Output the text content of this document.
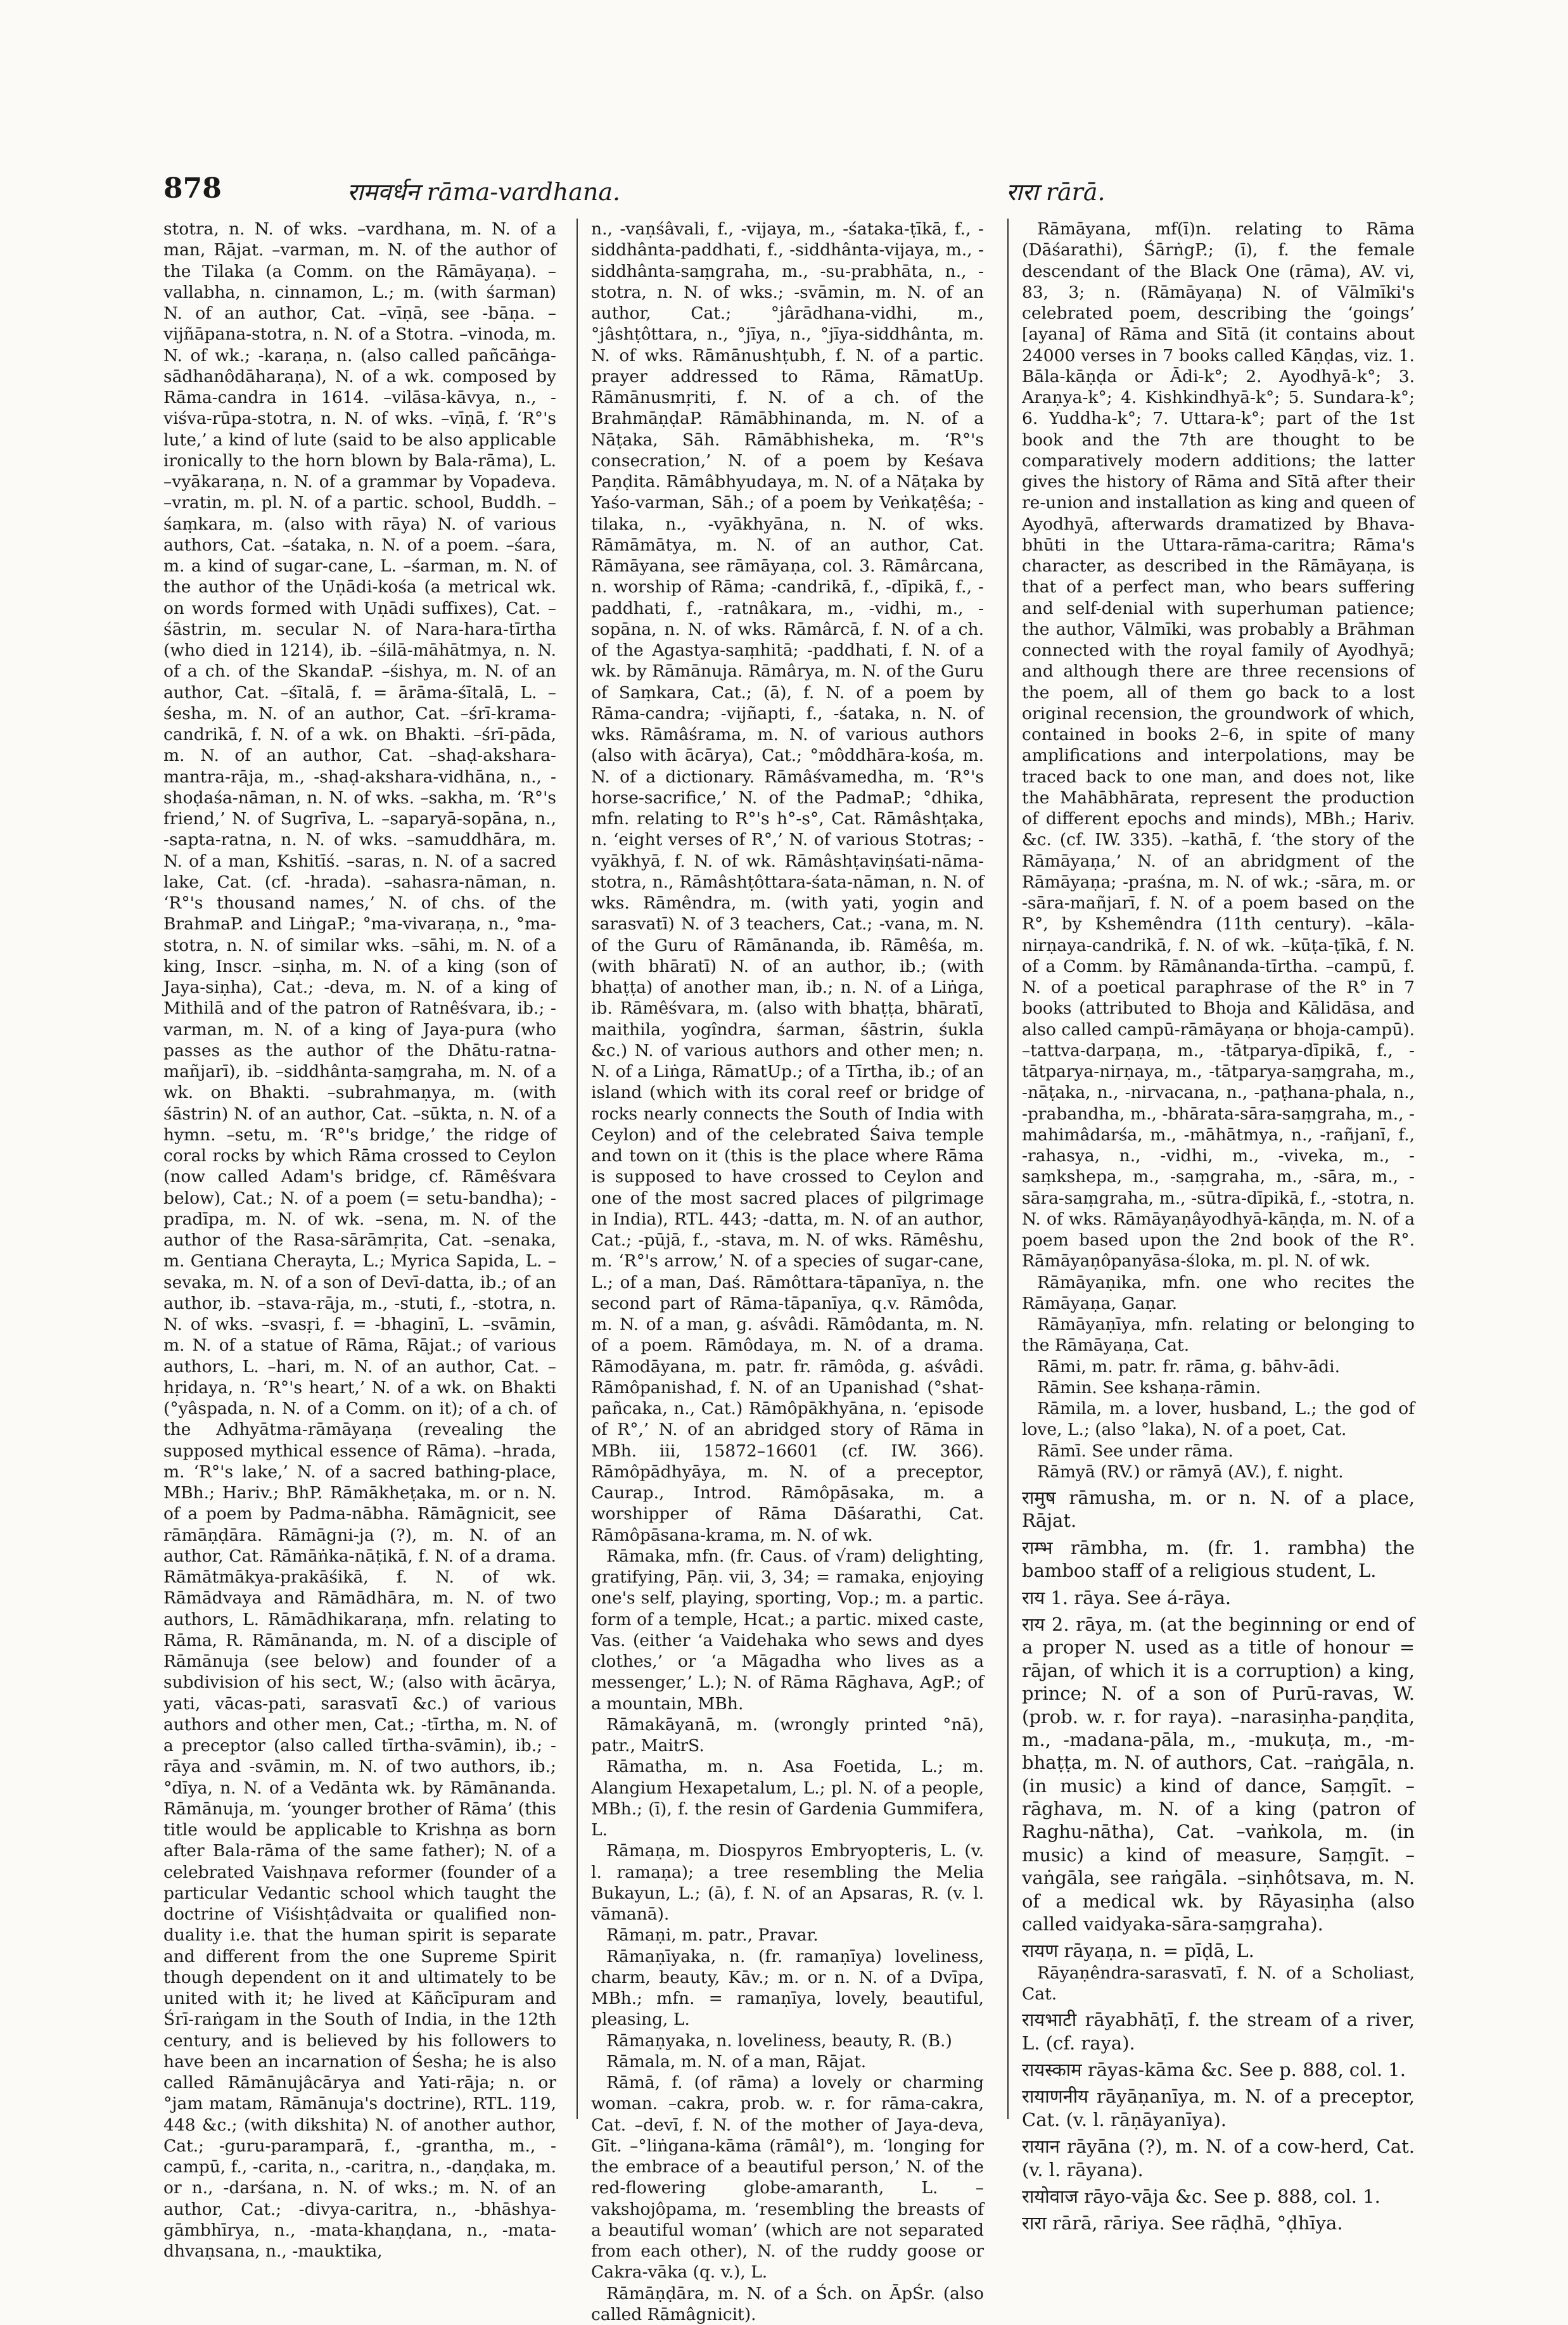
878	रामवर्धन rāma-vardhana.	रारा rārā.

stotra, n. N. of wks. –vardhana, m. N. of a man, Rājat. –varman, m. N. of the author of the Tilaka (a Comm. on the Rāmāyaṇa). –vallabha, n. cinnamon, L.; m. (with śarman) N. of an author, Cat. –vīṇā, see -bāṇa. –vijñāpana-stotra, n. N. of a Stotra. –vinoda, m. N. of wk.; -karaṇa, n. (also called pañcāṅga-sādhanôdāharaṇa), N. of a wk. composed by Rāma-candra in 1614. –vilāsa-kāvya, n., -viśva-rūpa-stotra, n. N. of wks. –vīṇā, f. ‘R°'s lute,’ a kind of lute (said to be also applicable ironically to the horn blown by Bala-rāma), L. –vyākaraṇa, n. N. of a grammar by Vopadeva. –vratin, m. pl. N. of a partic. school, Buddh. –śaṃkara, m. (also with rāya) N. of various authors, Cat. –śataka, n. N. of a poem. –śara, m. a kind of sugar-cane, L. –śarman, m. N. of the author of the Uṇādi-kośa (a metrical wk. on words formed with Uṇādi suffixes), Cat. –śāstrin, m. secular N. of Nara-hara-tīrtha (who died in 1214), ib. –śilā-māhātmya, n. N. of a ch. of the SkandaP. –śishya, m. N. of an author, Cat. –śītalā, f. = ārāma-śītalā, L. –śesha, m. N. of an author, Cat. –śrī-krama-candrikā, f. N. of a wk. on Bhakti. –śrī-pāda, m. N. of an author, Cat. –shaḍ-akshara-mantra-rāja, m., -shaḍ-akshara-vidhāna, n., -shoḍaśa-nāman, n. N. of wks. –sakha, m. ‘R°'s friend,’ N. of Sugrīva, L. –saparyā-sopāna, n., -sapta-ratna, n. N. of wks. –samuddhāra, m. N. of a man, Kshitīś. –saras, n. N. of a sacred lake, Cat. (cf. -hrada). –sahasra-nāman, n. ‘R°'s thousand names,’ N. of chs. of the BrahmaP. and LiṅgaP.; °ma-vivaraṇa, n., °ma-stotra, n. N. of similar wks. –sāhi, m. N. of a king, Inscr. –siṇha, m. N. of a king (son of Jaya-siṇha), Cat.; -deva, m. N. of a king of Mithilā and of the patron of Ratnêśvara, ib.; -varman, m. N. of a king of Jaya-pura (who passes as the author of the Dhātu-ratna-mañjarī), ib. –siddhânta-saṃgraha, m. N. of a wk. on Bhakti. –subrahmaṇya, m. (with śāstrin) N. of an author, Cat. –sūkta, n. N. of a hymn. –setu, m. ‘R°'s bridge,’ the ridge of coral rocks by which Rāma crossed to Ceylon (now called Adam's bridge, cf. Rāmêśvara below), Cat.; N. of a poem (= setu-bandha); -pradīpa, m. N. of wk. –sena, m. N. of the author of the Rasa-sārāmṛita, Cat. –senaka, m. Gentiana Cherayta, L.; Myrica Sapida, L. –sevaka, m. N. of a son of Devī-datta, ib.; of an author, ib. –stava-rāja, m., -stuti, f., -stotra, n. N. of wks. –svasṛi, f. = -bhaginī, L. –svāmin, m. N. of a statue of Rāma, Rājat.; of various authors, L. –hari, m. N. of an author, Cat. –hṛidaya, n. ‘R°'s heart,’ N. of a wk. on Bhakti (°yâspada, n. N. of a Comm. on it); of a ch. of the Adhyātma-rāmāyaṇa (revealing the supposed mythical essence of Rāma). –hrada, m. ‘R°'s lake,’ N. of a sacred bathing-place, MBh.; Hariv.; BhP. Rāmākheṭaka, m. or n. N. of a poem by Padma-nābha. Rāmāgnicit, see rāmāṇḍāra. Rāmāgni-ja (?), m. N. of an author, Cat. Rāmāṅka-nāṭikā, f. N. of a drama. Rāmātmākya-prakāśikā, f. N. of wk. Rāmādvaya and Rāmādhāra, m. N. of two authors, L. Rāmādhikaraṇa, mfn. relating to Rāma, R. Rāmānanda, m. N. of a disciple of Rāmānuja (see below) and founder of a subdivision of his sect, W.; (also with ācārya, yati, vācas-pati, sarasvatī &c.) of various authors and other men, Cat.; -tīrtha, m. N. of a preceptor (also called tīrtha-svāmin), ib.; -rāya and -svāmin, m. N. of two authors, ib.; °dīya, n. N. of a Vedānta wk. by Rāmānanda. Rāmānuja, m. ‘younger brother of Rāma’ (this title would be applicable to Krishṇa as born after Bala-rāma of the same father); N. of a celebrated Vaishṇava reformer (founder of a particular Vedantic school which taught the doctrine of Viśishṭâdvaita or qualified non-duality i.e. that the human spirit is separate and different from the one Supreme Spirit though dependent on it and ultimately to be united with it; he lived at Kāñcīpuram and Śrī-raṅgam in the South of India, in the 12th century, and is believed by his followers to have been an incarnation of Śesha; he is also called Rāmānujâcārya and Yati-rāja; n. or °jam matam, Rāmānuja's doctrine), RTL. 119, 448 &c.; (with dikshita) N. of another author, Cat.; -guru-paramparā, f., -grantha, m., -campū, f., -carita, n., -caritra, n., -daṇḍaka, m. or n., -darśana, n. N. of wks.; m. N. of an author, Cat.; -divya-caritra, n., -bhāshya-gāmbhīrya, n., -mata-khaṇḍana, n., -mata-dhvaṇsana, n., -mauktika,

n., -vaṇśâvali, f., -vijaya, m., -śataka-ṭīkā, f., -siddhânta-paddhati, f., -siddhânta-vijaya, m., -siddhânta-saṃgraha, m., -su-prabhāta, n., -stotra, n. N. of wks.; -svāmin, m. N. of an author, Cat.; °jârādhana-vidhi, m., °jâshṭôttara, n., °jīya, n., °jīya-siddhânta, m. N. of wks. Rāmānushṭubh, f. N. of a partic. prayer addressed to Rāma, RāmatUp. Rāmānusmṛiti, f. N. of a ch. of the BrahmāṇḍaP. Rāmābhinanda, m. N. of a Nāṭaka, Sāh. Rāmābhisheka, m. ‘R°'s consecration,’ N. of a poem by Keśava Paṇḍita. Rāmâbhyudaya, m. N. of a Nāṭaka by Yaśo-varman, Sāh.; of a poem by Veṅkaṭêśa; -tilaka, n., -vyākhyāna, n. N. of wks. Rāmāmātya, m. N. of an author, Cat. Rāmāyana, see rāmāyaṇa, col. 3. Rāmârcana, n. worship of Rāma; -candrikā, f., -dīpikā, f., -paddhati, f., -ratnâkara, m., -vidhi, m., -sopāna, n. N. of wks. Rāmârcā, f. N. of a ch. of the Agastya-saṃhitā; -paddhati, f. N. of a wk. by Rāmānuja. Rāmârya, m. N. of the Guru of Saṃkara, Cat.; (ā), f. N. of a poem by Rāma-candra; -vijñapti, f., -śataka, n. N. of wks. Rāmâśrama, m. N. of various authors (also with ācārya), Cat.; °môddhāra-kośa, m. N. of a dictionary. Rāmâśvamedha, m. ‘R°'s horse-sacrifice,’ N. of the PadmaP.; °dhika, mfn. relating to R°'s h°-s°, Cat. Rāmâshṭaka, n. ‘eight verses of R°,’ N. of various Stotras; -vyākhyā, f. N. of wk. Rāmâshṭaviṇśati-nāma-stotra, n., Rāmâshṭôttara-śata-nāman, n. N. of wks. Rāmêndra, m. (with yati, yogin and sarasvatī) N. of 3 teachers, Cat.; -vana, m. N. of the Guru of Rāmānanda, ib. Rāmêśa, m. (with bhāratī) N. of an author, ib.; (with bhaṭṭa) of another man, ib.; n. N. of a Liṅga, ib. Rāmêśvara, m. (also with bhaṭṭa, bhāratī, maithila, yogîndra, śarman, śāstrin, śukla &c.) N. of various authors and other men; n. N. of a Liṅga, RāmatUp.; of a Tīrtha, ib.; of an island (which with its coral reef or bridge of rocks nearly connects the South of India with Ceylon) and of the celebrated Śaiva temple and town on it (this is the place where Rāma is supposed to have crossed to Ceylon and one of the most sacred places of pilgrimage in India), RTL. 443; -datta, m. N. of an author, Cat.; -pūjā, f., -stava, m. N. of wks. Rāmêshu, m. ‘R°'s arrow,’ N. of a species of sugar-cane, L.; of a man, Daś. Rāmôttara-tāpanīya, n. the second part of Rāma-tāpanīya, q.v. Rāmôda, m. N. of a man, g. aśvâdi. Rāmôdanta, m. N. of a poem. Rāmôdaya, m. N. of a drama. Rāmodāyana, m. patr. fr. rāmôda, g. aśvâdi. Rāmôpanishad, f. N. of an Upanishad (°shat-pañcaka, n., Cat.) Rāmôpākhyāna, n. ‘episode of R°,’ N. of an abridged story of Rāma in MBh. iii, 15872–16601 (cf. IW. 366). Rāmôpādhyāya, m. N. of a preceptor, Caurap., Introd. Rāmôpāsaka, m. a worshipper of Rāma Dāśarathi, Cat. Rāmôpāsana-krama, m. N. of wk.

Rāmaka, mfn. (fr. Caus. of √ram) delighting, gratifying, Pāṇ. vii, 3, 34; = ramaka, enjoying one's self, playing, sporting, Vop.; m. a partic. form of a temple, Hcat.; a partic. mixed caste, Vas. (either ‘a Vaidehaka who sews and dyes clothes,’ or ‘a Māgadha who lives as a messenger,’ L.); N. of Rāma Rāghava, AgP.; of a mountain, MBh.

Rāmakāyanā, m. (wrongly printed °nā), patr., MaitrS.

Rāmatha, m. n. Asa Foetida, L.; m. Alangium Hexapetalum, L.; pl. N. of a people, MBh.; (ī), f. the resin of Gardenia Gummifera, L.

Rāmaṇa, m. Diospyros Embryopteris, L. (v. l. ramaṇa); a tree resembling the Melia Bukayun, L.; (ā), f. N. of an Apsaras, R. (v. l. vāmanā).

Rāmaṇi, m. patr., Pravar.

Rāmaṇīyaka, n. (fr. ramaṇīya) loveliness, charm, beauty, Kāv.; m. or n. N. of a Dvīpa, MBh.; mfn. = ramaṇīya, lovely, beautiful, pleasing, L.

Rāmaṇyaka, n. loveliness, beauty, R. (B.)

Rāmala, m. N. of a man, Rājat.

Rāmā, f. (of rāma) a lovely or charming woman. –cakra, prob. w. r. for rāma-cakra, Cat. –devī, f. N. of the mother of Jaya-deva, Gīt. –°liṅgana-kāma (rāmâl°), m. ‘longing for the embrace of a beautiful person,’ N. of the red-flowering globe-amaranth, L. –vakshojôpama, m. ‘resembling the breasts of a beautiful woman’ (which are not separated from each other), N. of the ruddy goose or Cakra-vāka (q. v.), L.

Rāmāṇḍāra, m. N. of a Śch. on ĀpŚr. (also called Rāmâgnicit).

Rāmāyana, mf(ī)n. relating to Rāma (Dāśarathi), ŚārṅgP.; (ī), f. the female descendant of the Black One (rāma), AV. vi, 83, 3; n. (Rāmāyaṇa) N. of Vālmīki's celebrated poem, describing the ‘goings’ [ayana] of Rāma and Sītā (it contains about 24000 verses in 7 books called Kāṇḍas, viz. 1. Bāla-kāṇḍa or Ādi-k°; 2. Ayodhyā-k°; 3. Araṇya-k°; 4. Kishkindhyā-k°; 5. Sundara-k°; 6. Yuddha-k°; 7. Uttara-k°; part of the 1st book and the 7th are thought to be comparatively modern additions; the latter gives the history of Rāma and Sītā after their re-union and installation as king and queen of Ayodhyā, afterwards dramatized by Bhava-bhūti in the Uttara-rāma-caritra; Rāma's character, as described in the Rāmāyaṇa, is that of a perfect man, who bears suffering and self-denial with superhuman patience; the author, Vālmīki, was probably a Brāhman connected with the royal family of Ayodhyā; and although there are three recensions of the poem, all of them go back to a lost original recension, the groundwork of which, contained in books 2–6, in spite of many amplifications and interpolations, may be traced back to one man, and does not, like the Mahābhārata, represent the production of different epochs and minds), MBh.; Hariv. &c. (cf. IW. 335). –kathā, f. ‘the story of the Rāmāyaṇa,’ N. of an abridgment of the Rāmāyaṇa; -praśna, m. N. of wk.; -sāra, m. or -sāra-mañjarī, f. N. of a poem based on the R°, by Kshemêndra (11th century). –kāla-nirṇaya-candrikā, f. N. of wk. –kūṭa-ṭīkā, f. N. of a Comm. by Rāmânanda-tīrtha. –campū, f. N. of a poetical paraphrase of the R° in 7 books (attributed to Bhoja and Kālidāsa, and also called campū-rāmāyaṇa or bhoja-campū). –tattva-darpaṇa, m., -tātparya-dīpikā, f., -tātparya-nirṇaya, m., -tātparya-saṃgraha, m., -nāṭaka, n., -nirvacana, n., -paṭhana-phala, n., -prabandha, m., -bhārata-sāra-saṃgraha, m., -mahimâdarśa, m., -māhātmya, n., -rañjanī, f., -rahasya, n., -vidhi, m., -viveka, m., -saṃkshepa, m., -saṃgraha, m., -sāra, m., -sāra-saṃgraha, m., -sūtra-dīpikā, f., -stotra, n. N. of wks. Rāmāyaṇâyodhyā-kāṇḍa, m. N. of a poem based upon the 2nd book of the R°. Rāmāyaṇôpanyāsa-śloka, m. pl. N. of wk.

Rāmāyaṇika, mfn. one who recites the Rāmāyaṇa, Gaṇar.

Rāmāyaṇīya, mfn. relating or belonging to the Rāmāyaṇa, Cat.

Rāmi, m. patr. fr. rāma, g. bāhv-ādi.

Rāmin. See kshaṇa-rāmin.

Rāmila, m. a lover, husband, L.; the god of love, L.; (also °laka), N. of a poet, Cat.

Rāmī. See under rāma.

Rāmyā (RV.) or rāmyā (AV.), f. night.

रामुष rāmusha, m. or n. N. of a place, Rājat.

राम्भ rāmbha, m. (fr. 1. rambha) the bamboo staff of a religious student, L.

राय 1. rāya. See á-rāya.

राय 2. rāya, m. (at the beginning or end of a proper N. used as a title of honour = rājan, of which it is a corruption) a king, prince; N. of a son of Purū-ravas, W. (prob. w. r. for raya). –narasiṇha-paṇḍita, m., -madana-pāla, m., -mukuṭa, m., -m-bhaṭṭa, m. N. of authors, Cat. –raṅgāla, n. (in music) a kind of dance, Saṃgīt. –rāghava, m. N. of a king (patron of Raghu-nātha), Cat. –vaṅkola, m. (in music) a kind of measure, Saṃgīt. –vaṅgāla, see raṅgāla. –siṇhôtsava, m. N. of a medical wk. by Rāyasiṇha (also called vaidyaka-sāra-saṃgraha).

रायण rāyaṇa, n. = pīḍā, L.

Rāyaṇêndra-sarasvatī, f. N. of a Scholiast, Cat.

रायभाटी rāyabhāṭī, f. the stream of a river, L. (cf. raya).

रायस्काम rāyas-kāma &c. See p. 888, col. 1.

रायाणनीय rāyāṇanīya, m. N. of a preceptor, Cat. (v. l. rāṇāyanīya).

रायान rāyāna (?), m. N. of a cow-herd, Cat. (v. l. rāyana).

रायोवाज rāyo-vāja &c. See p. 888, col. 1.

रारा rārā, rāriya. See rāḍhā, °ḍhīya.
